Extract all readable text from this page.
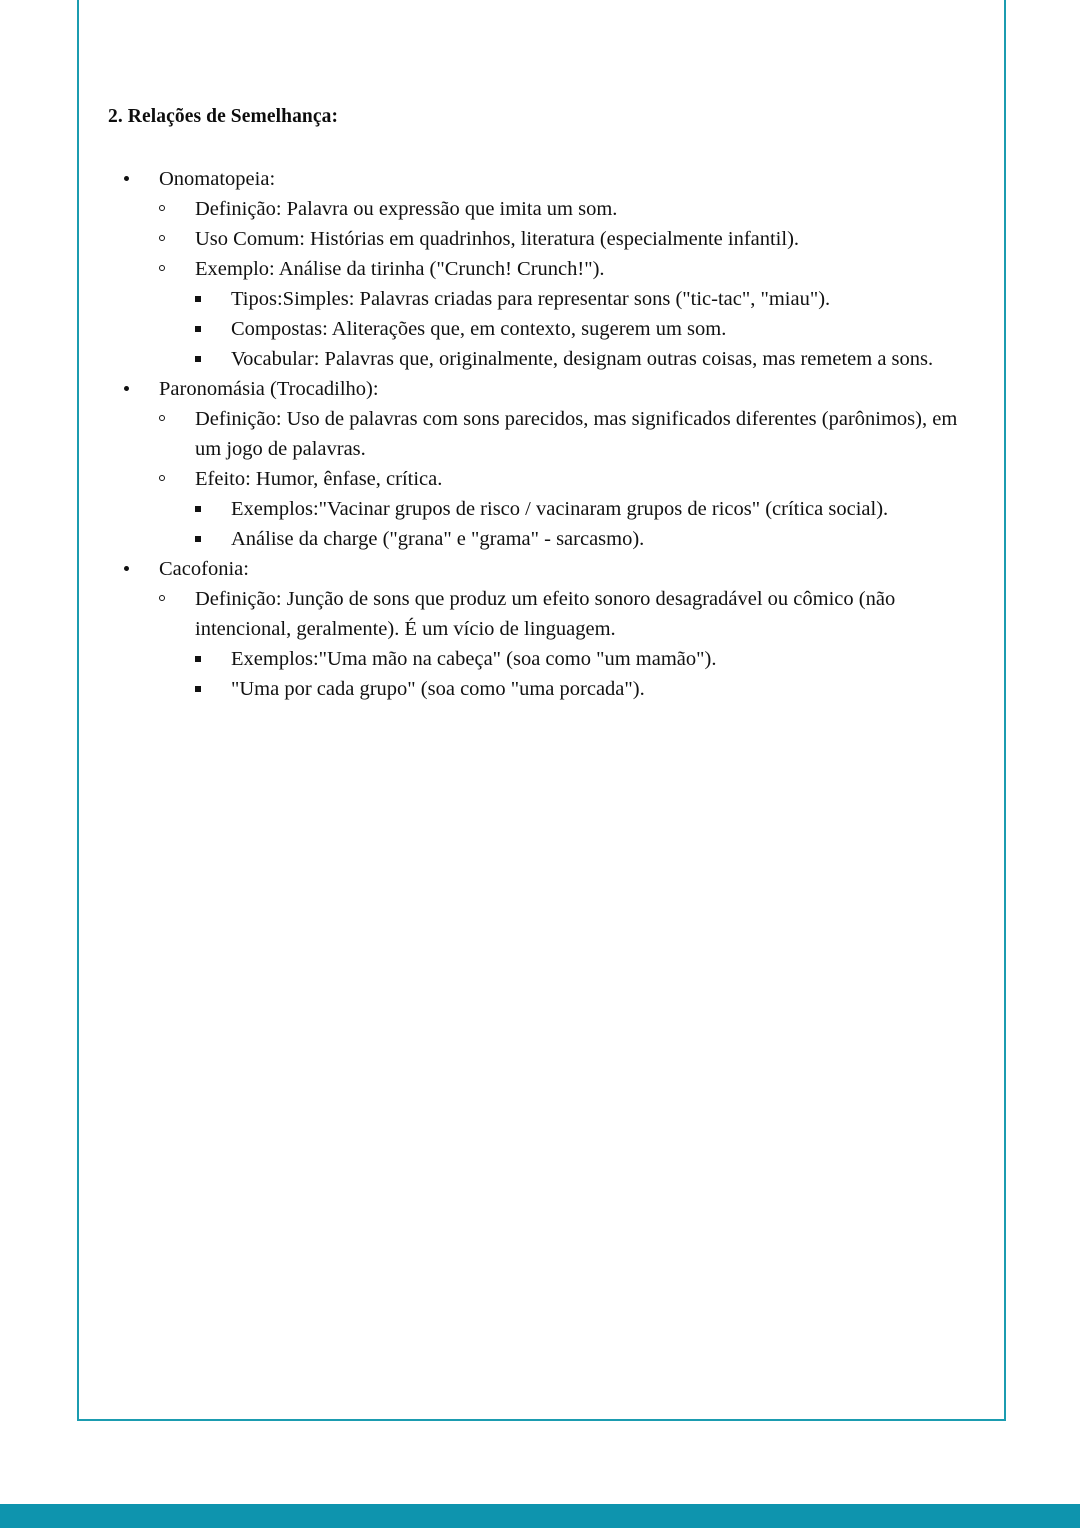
2. Relações de Semelhança:
Onomatopeia:
Definição: Palavra ou expressão que imita um som.
Uso Comum: Histórias em quadrinhos, literatura (especialmente infantil).
Exemplo: Análise da tirinha ("Crunch! Crunch!").
Tipos:Simples: Palavras criadas para representar sons ("tic-tac", "miau").
Compostas: Aliterações que, em contexto, sugerem um som.
Vocabular: Palavras que, originalmente, designam outras coisas, mas remetem a sons.
Paronomásia (Trocadilho):
Definição: Uso de palavras com sons parecidos, mas significados diferentes (parônimos), em um jogo de palavras.
Efeito: Humor, ênfase, crítica.
Exemplos:"Vacinar grupos de risco / vacinaram grupos de ricos" (crítica social).
Análise da charge ("grana" e "grama" - sarcasmo).
Cacofonia:
Definição: Junção de sons que produz um efeito sonoro desagradável ou cômico (não intencional, geralmente). É um vício de linguagem.
Exemplos:"Uma mão na cabeça" (soa como "um mamão").
"Uma por cada grupo" (soa como "uma porcada").
